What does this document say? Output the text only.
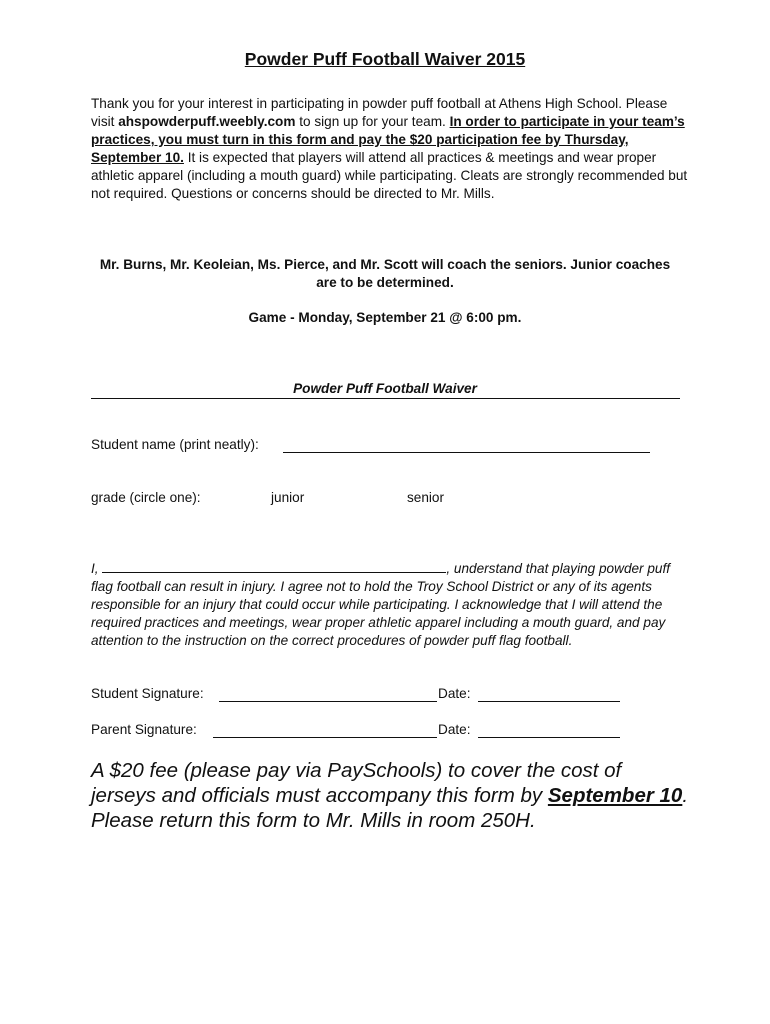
Powder Puff Football Waiver 2015
Thank you for your interest in participating in powder puff football at Athens High School. Please visit ahspowderpuff.weebly.com to sign up for your team. In order to participate in your team’s practices, you must turn in this form and pay the $20 participation fee by Thursday, September 10. It is expected that players will attend all practices & meetings and wear proper athletic apparel (including a mouth guard) while participating. Cleats are strongly recommended but not required. Questions or concerns should be directed to Mr. Mills.
Mr. Burns, Mr. Keoleian, Ms. Pierce, and Mr. Scott will coach the seniors. Junior coaches are to be determined.
Game - Monday, September 21 @ 6:00 pm.
Powder Puff Football Waiver
Student name (print neatly):
grade (circle one):	junior	senior
I,	, understand that playing powder puff flag football can result in injury. I agree not to hold the Troy School District or any of its agents responsible for an injury that could occur while participating. I acknowledge that I will attend the required practices and meetings, wear proper athletic apparel including a mouth guard, and pay attention to the instruction on the correct procedures of powder puff flag football.
Student Signature:	Date:
Parent Signature:	Date:
A $20 fee (please pay via PaySchools) to cover the cost of jerseys and officials must accompany this form by September 10. Please return this form to Mr. Mills in room 250H.
